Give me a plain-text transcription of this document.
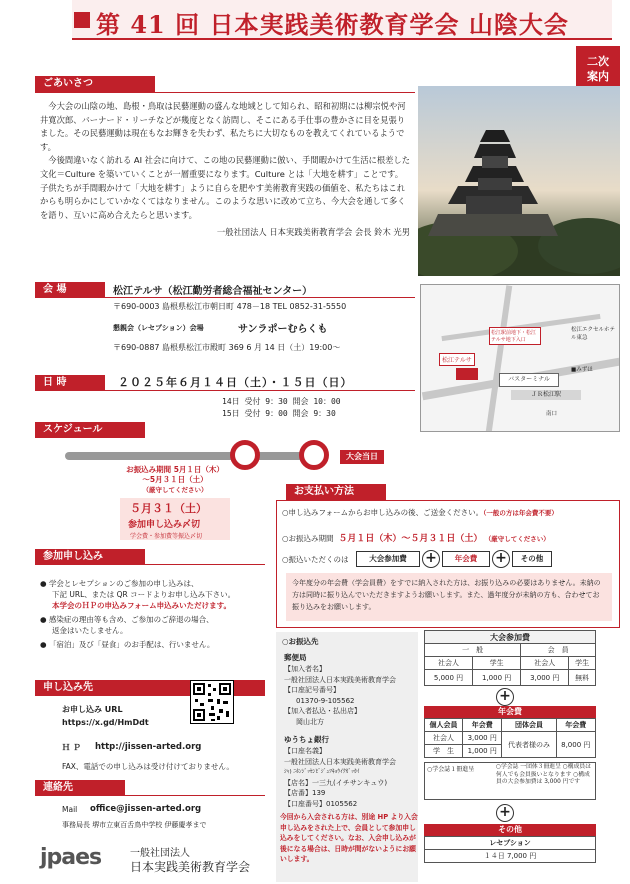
第 41 回 日本実践美術教育学会 山陰大会
二次
案内
ごあいさつ

今大会の山陰の地、島根・鳥取は民藝運動の盛んな地域として知られ、昭和初期には柳宗悦や河井寛次郎、バーナード・リーチなどが幾度となく訪問し、そこにある手仕事の豊かさに目を見張りました。その民藝運動は現在もなお輝きを失わず、私たちに大切なものを教えてくれているようです。

今後間違いなく訪れる AI 社会に向けて、この地の民藝運動に倣い、手間暇かけて生活に根差した文化＝Culture を築いていくことが一層重要になります。Culture とは「大地を耕す」ことです。子供たちが手間暇かけて「大地を耕す」ように自らを肥やす美術教育実践の価値を、私たちはこれからも明らかにしていかなくてはなりません。このような思いに改めて立ち、今大会を通して多くを語り、互いに高め合えたらと思います。

一般社団法人 日本実践美術教育学会 会長 鈴木 光男

会 場	松江テルサ（松江勤労者総合福祉センター）
〒690-0003 島根県松江市朝日町 478－18 TEL 0852-31-5550
懇親会（レセプション）会場	サンラポーむらくも
〒690-0887 島根県松江市殿町 369 6 月 14 日（土）19:00～
松江テルサ
松江駅前地下・松江テルサ地下入口
松江エクセルホテル東急
■みずほ
バスターミナル
ＪＲ松江駅
南口
日 時	２０２５年６月１４日（土）・１５日（日）
14日 受付 9：30 開会 10：00
15日 受付 9：00 開会 9：30
スケジュール
大会当日
お振込み期間 5月１日（木）
～5月３１日（土）
（厳守してください）
５月３１（土）
参加申し込み〆切
学会費・参加費等振込〆切
お支払い方法
○申し込みフォームからお申し込みの後、ご送金ください。（一般の方は年会費不要）
○お振込み期間 ５月１日（木）～５月３１日（土） （厳守してください）
○振込いただくのは	大会参加費	+	年会費	+	その他
今年度分の年会費（学会員費）をすでに納入された方は、お振り込みの必要はありません。未納の方は同時に振り込んでいただきますようお願いします。また、過年度分が未納の方も、合わせてお振り込みをお願いします。
参加申し込み
● 学会とレセプションのご参加の申し込みは、
下記 URL、または QR コードよりお申し込み下さい。
本学会のＨＰの申込みフォーム申込みいただけます。
● 感染症の理由等も含め、ご参加のご辞退の場合、
返金はいたしません。
● 「宿泊」及び「昼食」のお手配は、行いません。
申し込み先
お申し込み URL
https://x.gd/HmDdt
Ｈ Ｐ http://jissen-arted.org
FAX、電話での申し込みは受け付けておりません。
連絡先
Mail office@jissen-arted.org
事務局長 堺市立東百舌鳥中学校 伊藤慶孝まで
jpaes	一般社団法人
日本実践美術教育学会
○お振込先
郵便局
【加入者名】
一般社団法人日本実践美術教育学会
【口座記号番号】
01370-9-105562
【加入者払込・払出店】
岡山北方
ゆうちょ銀行
【口座名義】
一般社団法人日本実践美術教育学会
ｼｬ) ﾆﾎﾝｼﾞｯｾﾝﾋﾞｼﾞｭﾂｷｮｳｲｸｶﾞｯｶｲ
【店名】一三九(イチサンキュウ)
【店番】139
【口座番号】0105562
今回から入会される方は、別途 HP より入会申し込みをされた上で、会員として参加申し込みをしてください。なお、入会申し込みが後になる場合は、日時が間がないようにお願いします。
大会参加費			
一　般		会　員	
社会人	学生	社会人	学生
5,000 円	1,000 円	3,000 円	無料
+
年会費
個人会員	年会費	団体会員	年会費
社会人	3,000 円	代表者様のみ	8,000 円
学　生	1,000 円		
○学会誌１冊進呈	○学会誌 一団体３冊進呈 ○構成員は何人でも会員扱いとなります ○構成員の大会参加費は 3,000 円です
+
その他
レセプション
１４日 7,000 円
